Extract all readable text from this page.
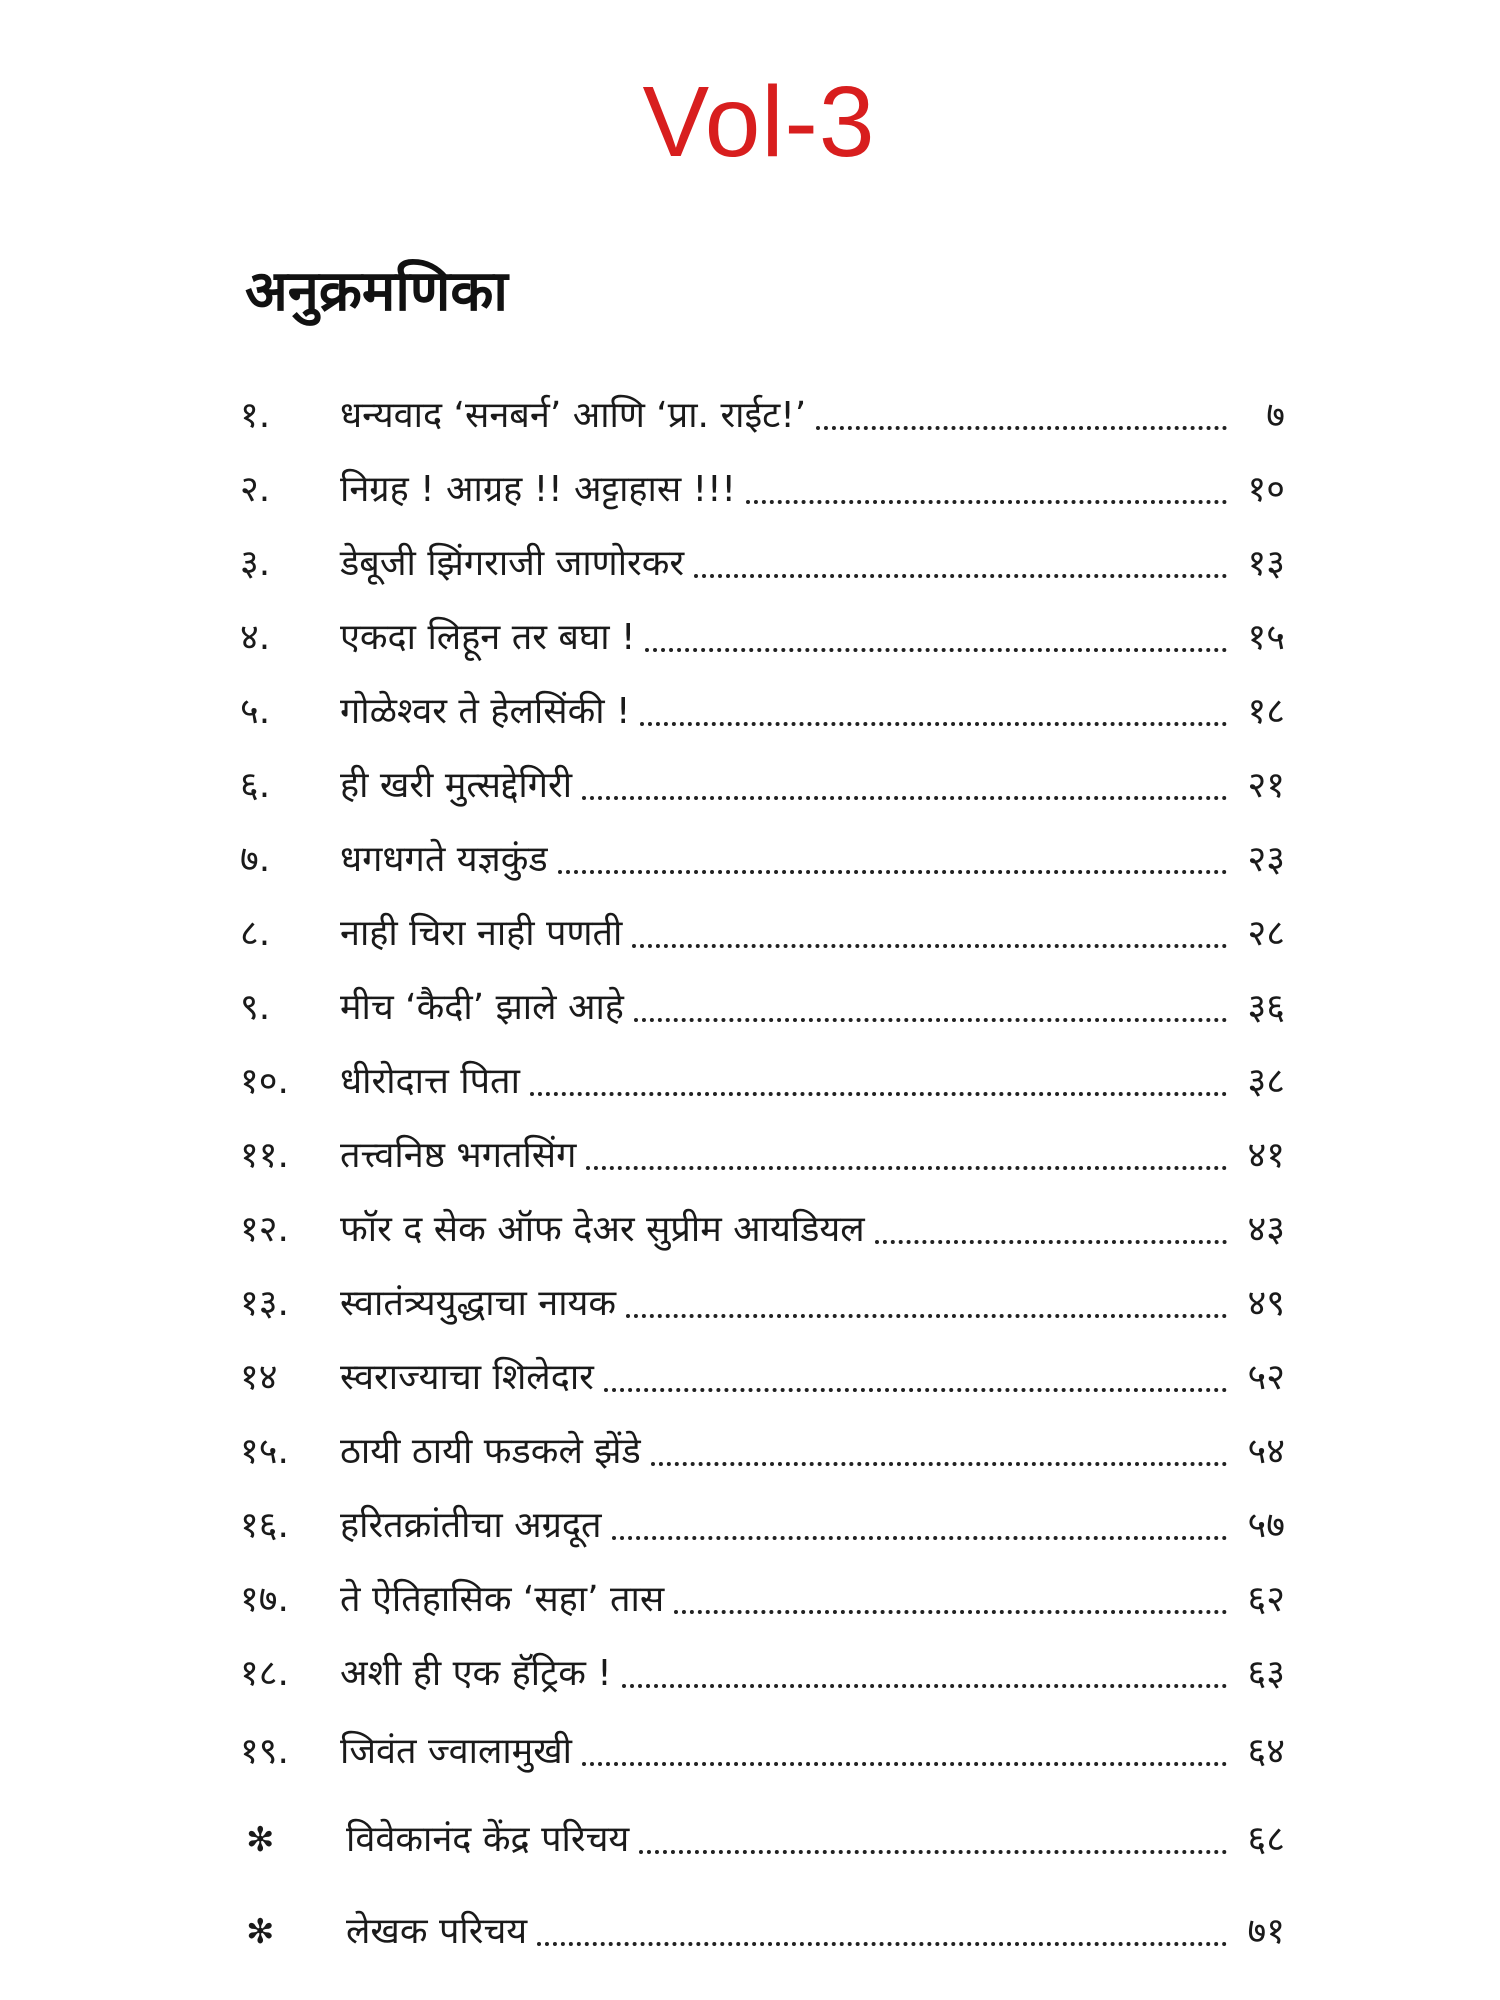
Vol-3
अनुक्रमणिका
१.	धन्यवाद ‘सनबर्न’ आणि ‘प्रा. राईट!’	७
२.	निग्रह ! आग्रह !! अट्टाहास !!!	१०
३.	डेबूजी झिंगराजी जाणोरकर	१३
४.	एकदा लिहून तर बघा !	१५
५.	गोळेश्वर ते हेलसिंकी !	१८
६.	ही खरी मुत्सद्देगिरी	२१
७.	धगधगते यज्ञकुंड	२३
८.	नाही चिरा नाही पणती	२८
९.	मीच ‘कैदी’ झाले आहे	३६
१०.	धीरोदात्त पिता	३८
११.	तत्त्वनिष्ठ भगतसिंग	४१
१२.	फॉर द सेक ऑफ देअर सुप्रीम आयडियल	४३
१३.	स्वातंत्र्ययुद्धाचा नायक	४९
१४	स्वराज्याचा शिलेदार	५२
१५.	ठायी ठायी फडकले झेंडे	५४
१६.	हरितक्रांतीचा अग्रदूत	५७
१७.	ते ऐतिहासिक ‘सहा’ तास	६२
१८.	अशी ही एक हॅट्रिक !	६३
१९.	जिवंत ज्वालामुखी	६४
✻	विवेकानंद केंद्र परिचय	६८
✻	लेखक परिचय	७१
